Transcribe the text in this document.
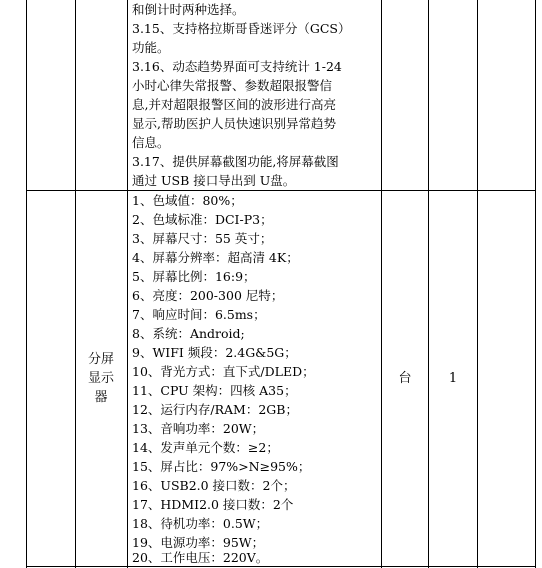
和倒计时两种选择。
3.15、支持格拉斯哥昏迷评分（GCS）
功能。
3.16、动态趋势界面可支持统计 1-24
小时心律失常报警、参数超限报警信
息,并对超限报警区间的波形进行高亮
显示,帮助医护人员快速识别异常趋势
信息。
3.17、提供屏幕截图功能,将屏幕截图
通过 USB 接口导出到 U盘。
分屏
显示
器
1、色域值：80%；
2、色域标准：DCI-P3；
3、屏幕尺寸：55 英寸；
4、屏幕分辨率：超高清 4K；
5、屏幕比例：16:9；
6、亮度：200-300 尼特；
7、响应时间：6.5ms；
8、系统：Android;
9、WIFI 频段：2.4G&5G；
10、背光方式：直下式/DLED；
11、CPU 架构：四核 A35；
12、运行内存/RAM：2GB；
13、音响功率：20W；
14、发声单元个数：≥2；
15、屏占比：97%>N≥95%；
16、USB2.0 接口数：2个；
17、HDMI2.0 接口数：2个
18、待机功率：0.5W；
19、电源功率：95W；
20、工作电压：220V。
台	1
